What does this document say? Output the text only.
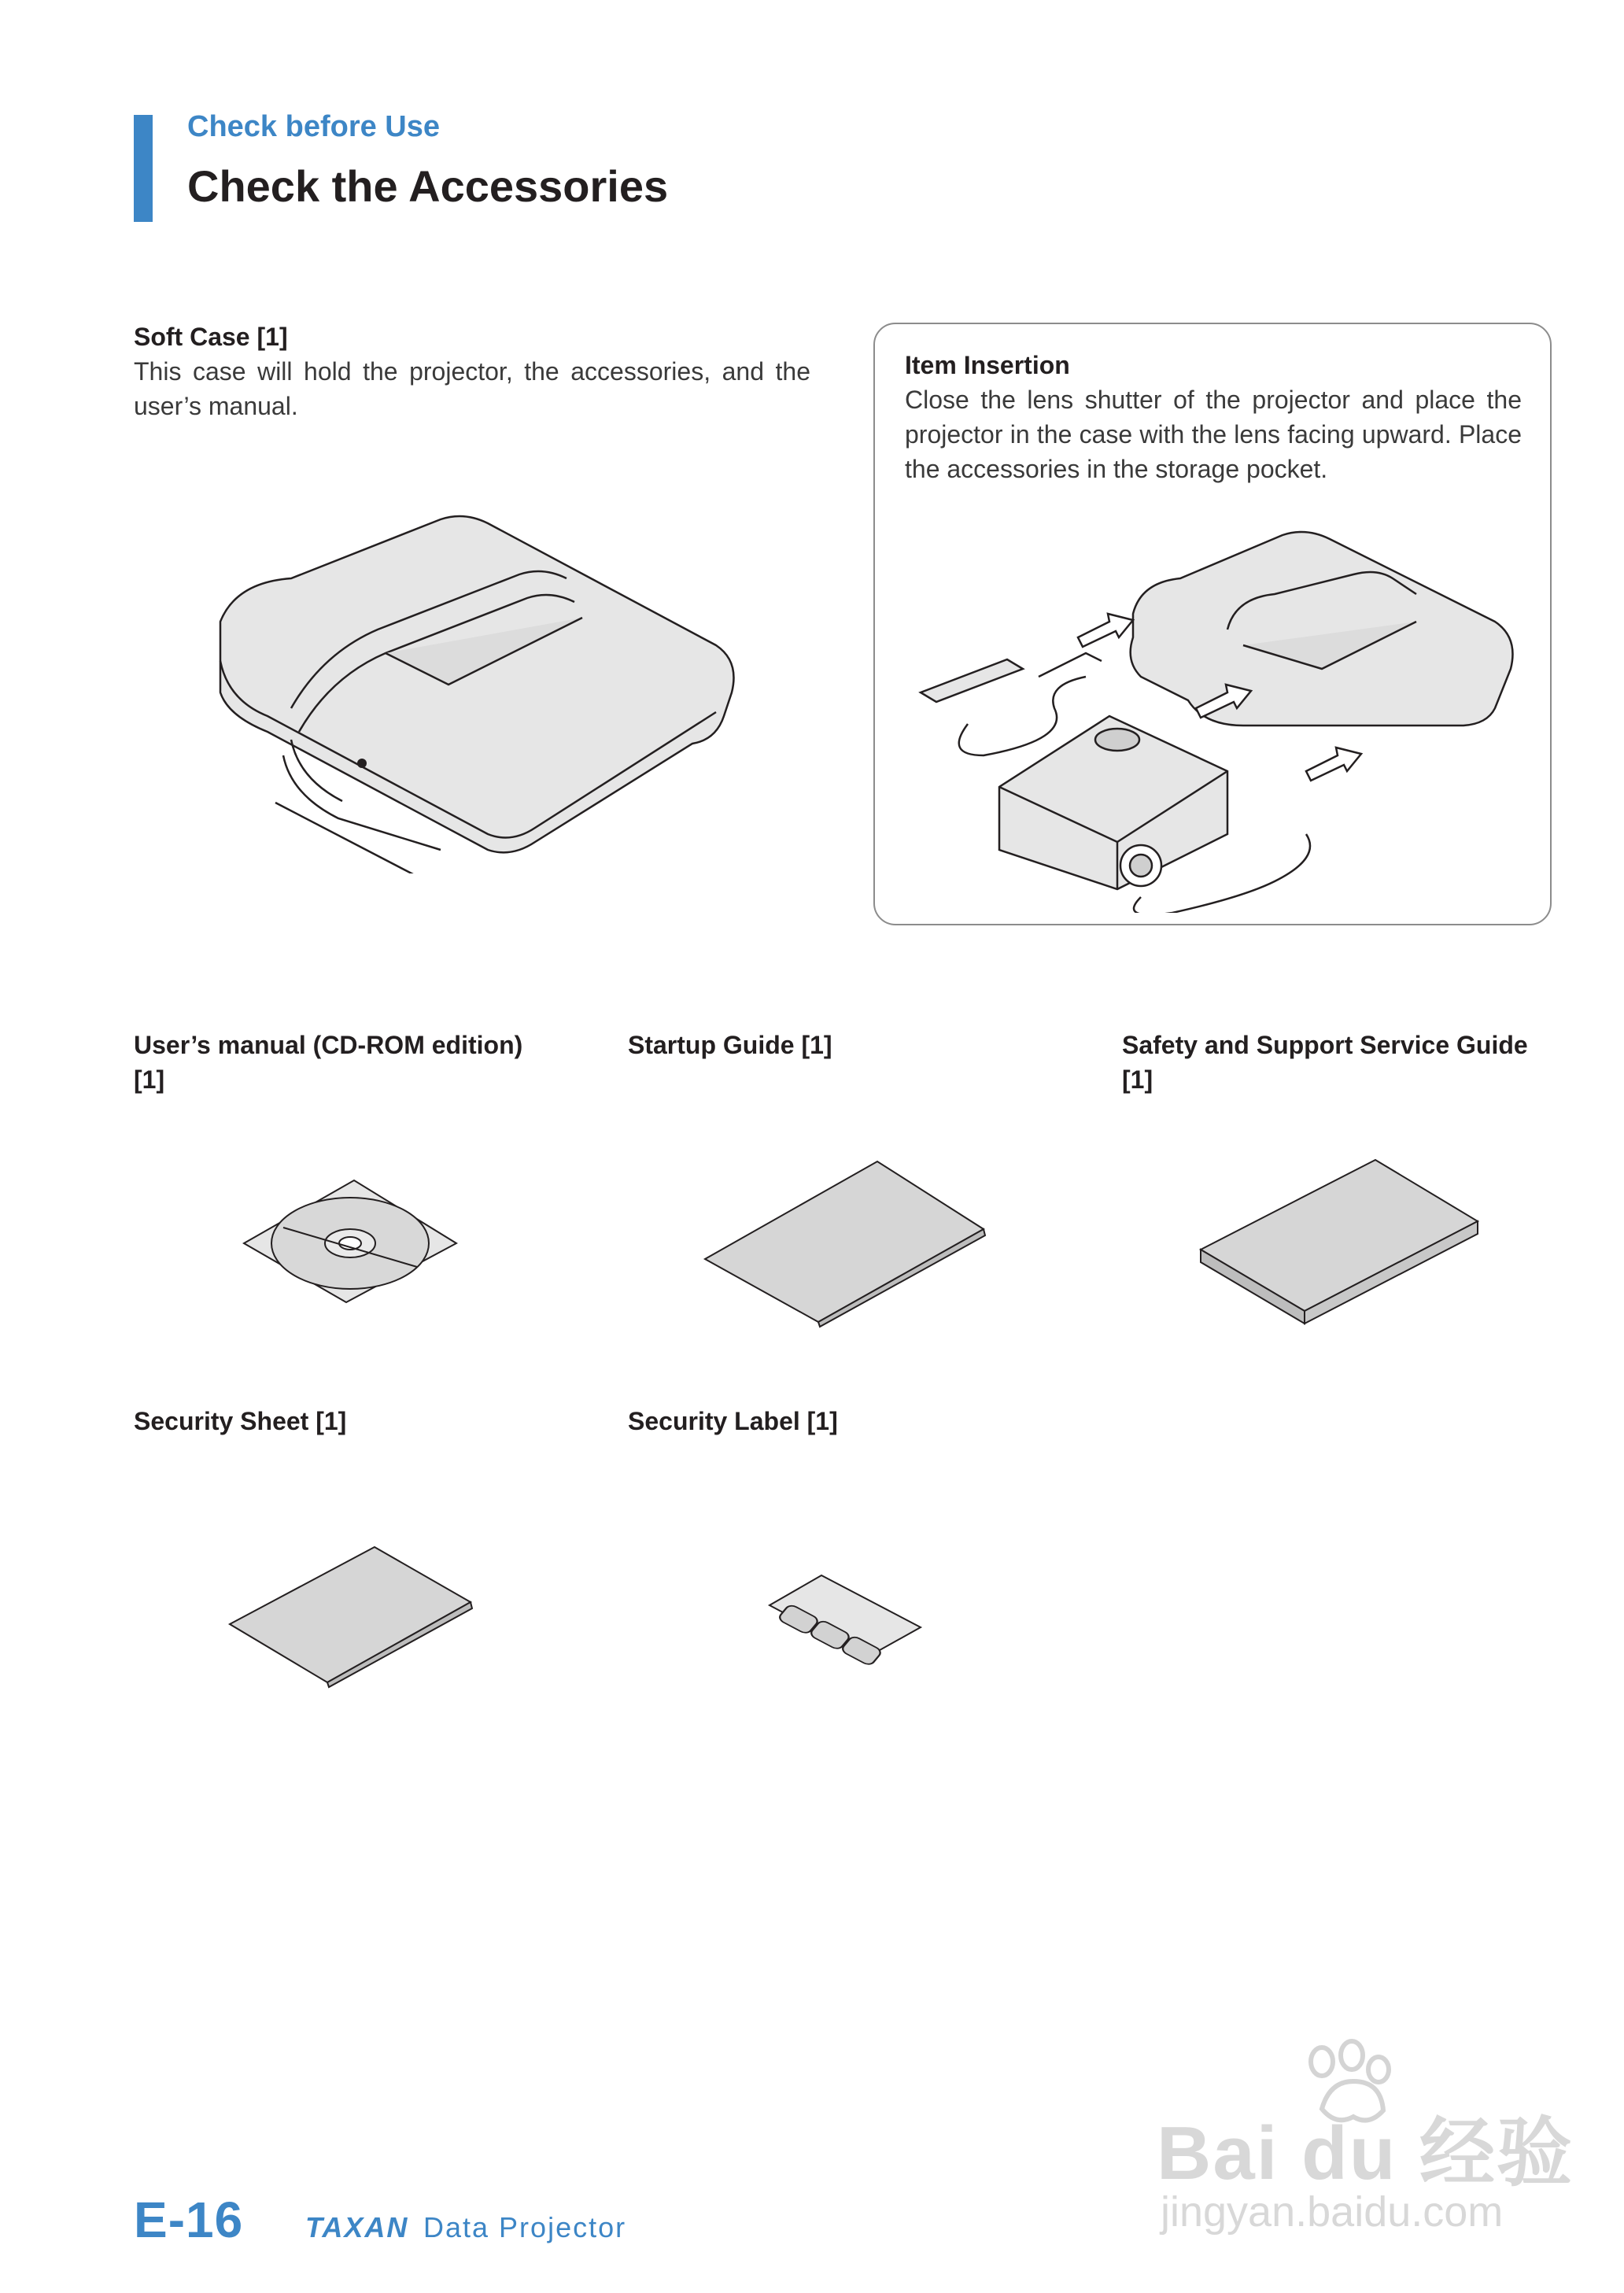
Check before Use
Check the Accessories
Soft Case [1]

This case will hold the projector, the accessories, and the user’s manual.

Item Insertion

Close the lens shutter of the projector and place the projector in the case with the lens facing upward. Place the accessories in the storage pocket.

User’s manual (CD-ROM edition)
[1]
Startup Guide [1]	Safety and Support Service Guide
[1]
Security Sheet [1]	Security Label [1]
E-16 TAXAN Data Projector
Bai du 经验
jingyan.baidu.com
